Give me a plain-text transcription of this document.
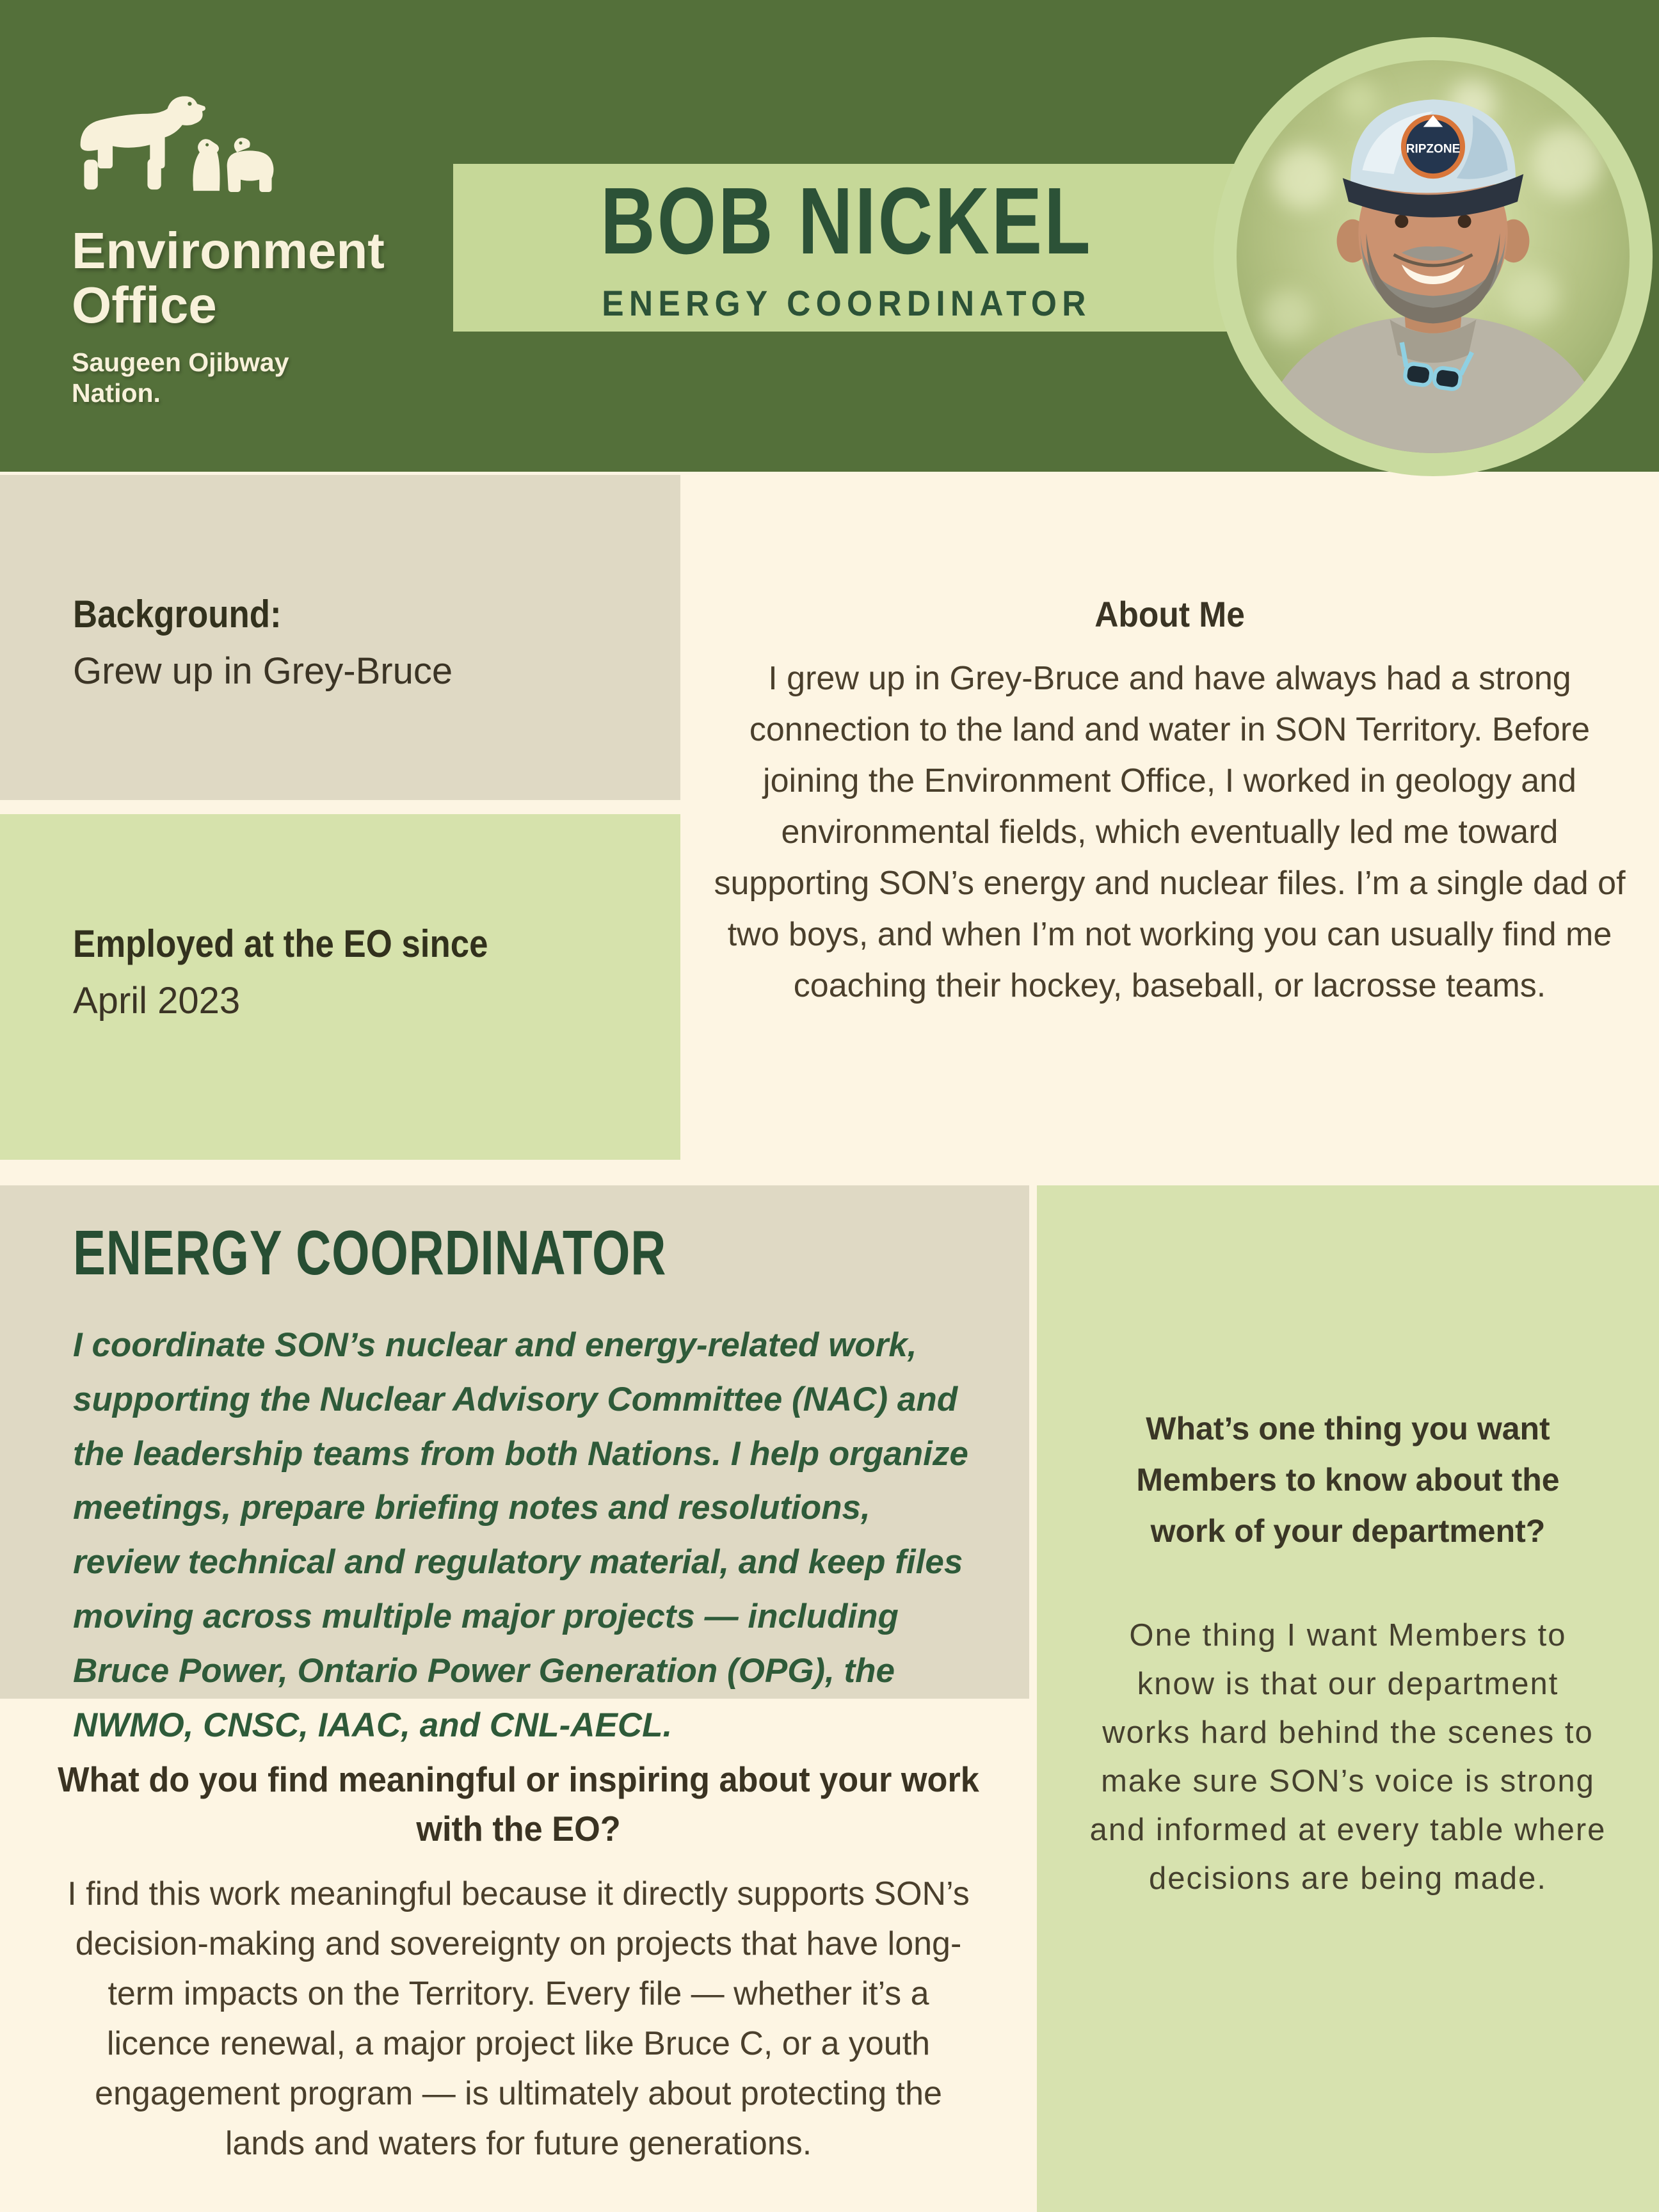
Environment Office
Saugeen Ojibway Nation.
BOB NICKEL
ENERGY COORDINATOR
RIPZONE
Background:
Grew up in Grey-Bruce
Employed at the EO since
April 2023
About Me
I grew up in Grey-Bruce and have always had a strong connection to the land and water in SON Territory. Before joining the Environment Office, I worked in geology and environmental fields, which eventually led me toward supporting SON’s energy and nuclear files. I’m a single dad of two boys, and when I’m not working you can usually find me coaching their hockey, baseball, or lacrosse teams.
ENERGY COORDINATOR
I coordinate SON’s nuclear and energy-related work, supporting the Nuclear Advisory Committee (NAC) and the leadership teams from both Nations. I help organize meetings, prepare briefing notes and resolutions, review technical and regulatory material, and keep files moving across multiple major projects — including Bruce Power, Ontario Power Generation (OPG), the NWMO, CNSC, IAAC, and CNL-AECL.
What do you find meaningful or inspiring about your work with the EO?
I find this work meaningful because it directly supports SON’s decision-making and sovereignty on projects that have long-term impacts on the Territory. Every file — whether it’s a licence renewal, a major project like Bruce C, or a youth engagement program — is ultimately about protecting the lands and waters for future generations.
What’s one thing you want Members to know about the work of your department?
One thing I want Members to know is that our department works hard behind the scenes to make sure SON’s voice is strong and informed at every table where decisions are being made.
